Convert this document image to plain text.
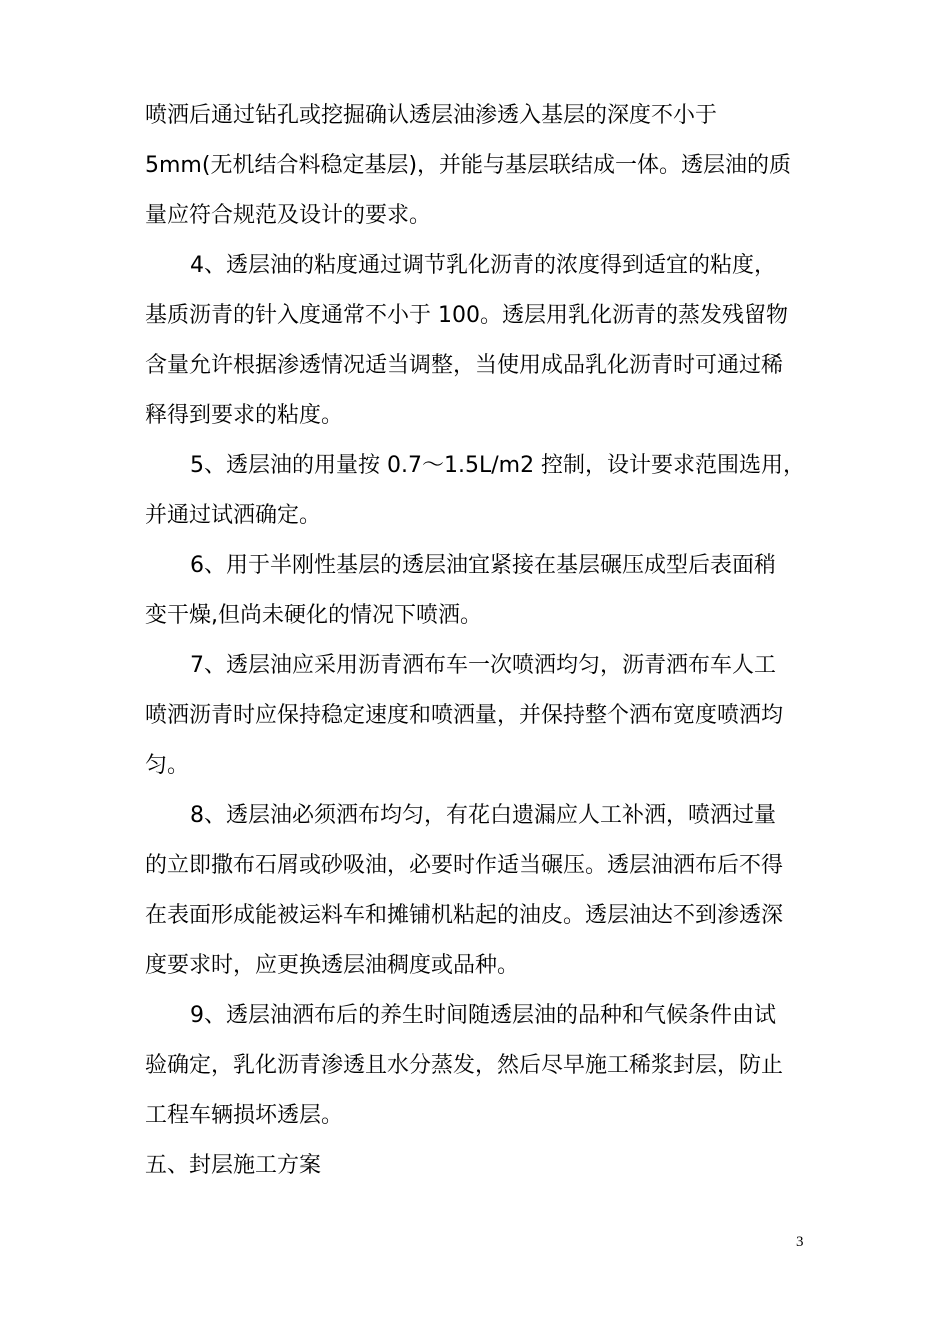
喷洒后通过钻孔或挖掘确认透层油渗透入基层的深度不小于

5mm(无机结合料稳定基层)，并能与基层联结成一体。透层油的质

量应符合规范及设计的要求。

4、透层油的粘度通过调节乳化沥青的浓度得到适宜的粘度，

基质沥青的针入度通常不小于 100。透层用乳化沥青的蒸发残留物

含量允许根据渗透情况适当调整，当使用成品乳化沥青时可通过稀

释得到要求的粘度。

5、透层油的用量按 0.7～1.5L/m2 控制，设计要求范围选用，

并通过试洒确定。

6、用于半刚性基层的透层油宜紧接在基层碾压成型后表面稍

变干燥,但尚未硬化的情况下喷洒。

7、透层油应采用沥青洒布车一次喷洒均匀，沥青洒布车人工

喷洒沥青时应保持稳定速度和喷洒量，并保持整个洒布宽度喷洒均

匀。

8、透层油必须洒布均匀，有花白遗漏应人工补洒，喷洒过量

的立即撒布石屑或砂吸油，必要时作适当碾压。透层油洒布后不得

在表面形成能被运料车和摊铺机粘起的油皮。透层油达不到渗透深

度要求时，应更换透层油稠度或品种。

9、透层油洒布后的养生时间随透层油的品种和气候条件由试

验确定，乳化沥青渗透且水分蒸发，然后尽早施工稀浆封层，防止

工程车辆损坏透层。

五、封层施工方案

3
